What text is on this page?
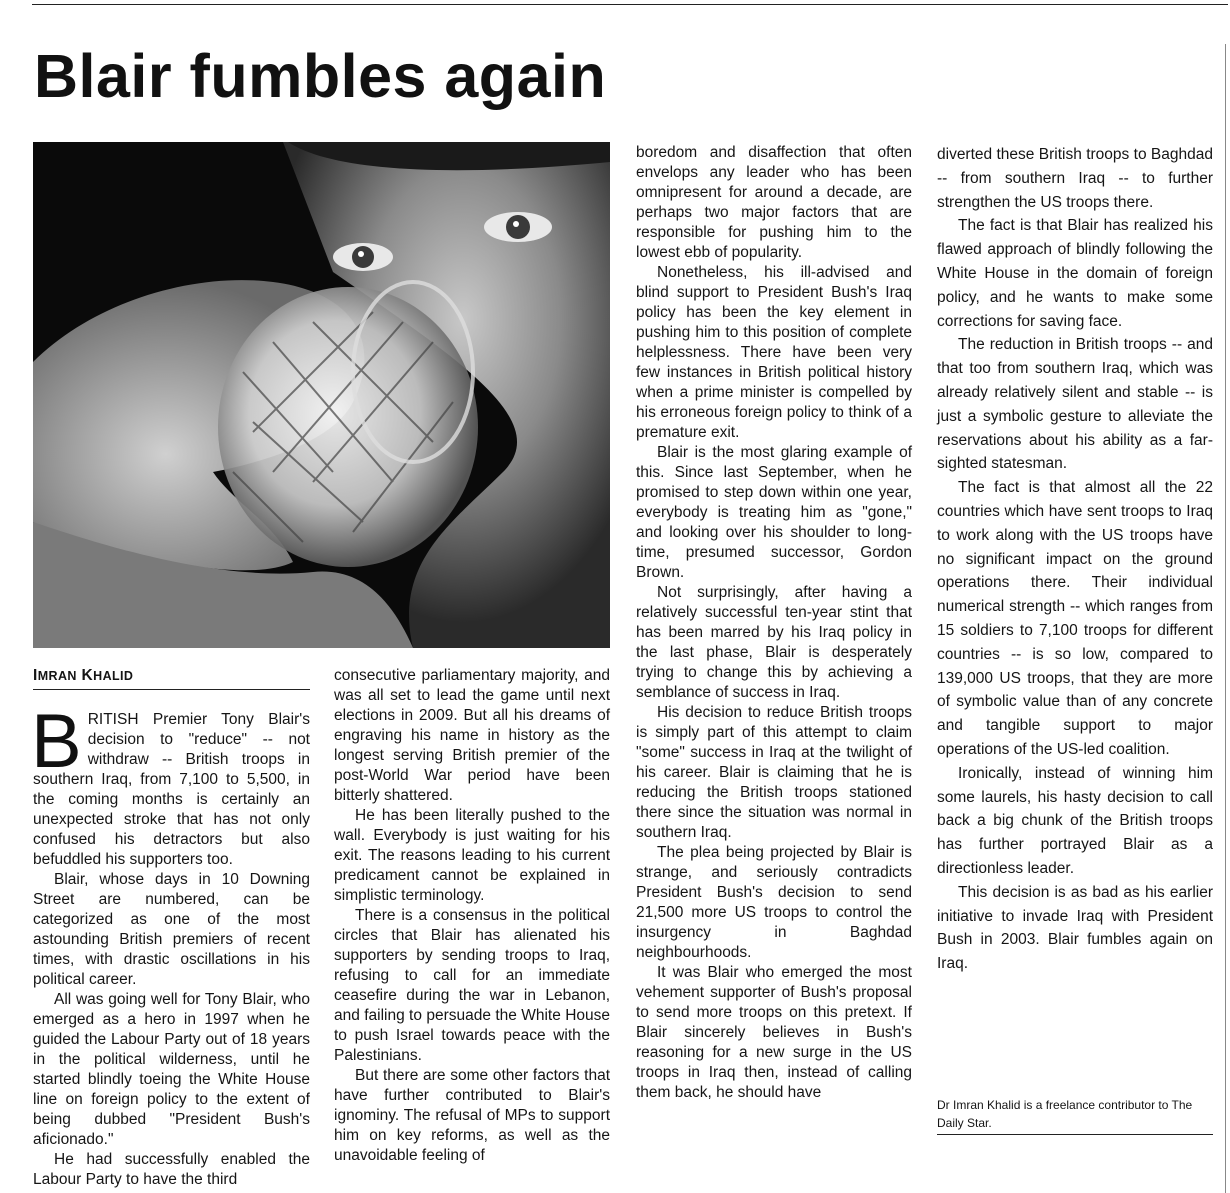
Blair fumbles again
IMRAN KHALID

BRITISH Premier Tony Blair's decision to "reduce" -- not withdraw -- British troops in southern Iraq, from 7,100 to 5,500, in the coming months is certainly an unexpected stroke that has not only confused his detractors but also befuddled his supporters too.

Blair, whose days in 10 Downing Street are numbered, can be categorized as one of the most astounding British premiers of recent times, with drastic oscillations in his political career.

All was going well for Tony Blair, who emerged as a hero in 1997 when he guided the Labour Party out of 18 years in the political wilderness, until he started blindly toeing the White House line on foreign policy to the extent of being dubbed "President Bush's aficionado."

He had successfully enabled the Labour Party to have the third

consecutive parliamentary majority, and was all set to lead the game until next elections in 2009. But all his dreams of engraving his name in history as the longest serving British premier of the post-World War period have been bitterly shattered.

He has been literally pushed to the wall. Everybody is just waiting for his exit. The reasons leading to his current predicament cannot be explained in simplistic terminology.

There is a consensus in the political circles that Blair has alienated his supporters by sending troops to Iraq, refusing to call for an immediate ceasefire during the war in Lebanon, and failing to persuade the White House to push Israel towards peace with the Palestinians.

But there are some other factors that have further contributed to Blair's ignominy. The refusal of MPs to support him on key reforms, as well as the unavoidable feeling of

boredom and disaffection that often envelops any leader who has been omnipresent for around a decade, are perhaps two major factors that are responsible for pushing him to the lowest ebb of popularity.

Nonetheless, his ill-advised and blind support to President Bush's Iraq policy has been the key element in pushing him to this position of complete helplessness. There have been very few instances in British political history when a prime minister is compelled by his erroneous foreign policy to think of a premature exit.

Blair is the most glaring example of this. Since last September, when he promised to step down within one year, everybody is treating him as "gone," and looking over his shoulder to long-time, presumed successor, Gordon Brown.

Not surprisingly, after having a relatively successful ten-year stint that has been marred by his Iraq policy in the last phase, Blair is desperately trying to change this by achieving a semblance of success in Iraq.

His decision to reduce British troops is simply part of this attempt to claim "some" success in Iraq at the twilight of his career. Blair is claiming that he is reducing the British troops stationed there since the situation was normal in southern Iraq.

The plea being projected by Blair is strange, and seriously contradicts President Bush's decision to send 21,500 more US troops to control the insurgency in Baghdad neighbourhoods.

It was Blair who emerged the most vehement supporter of Bush's proposal to send more troops on this pretext. If Blair sincerely believes in Bush's reasoning for a new surge in the US troops in Iraq then, instead of calling them back, he should have

diverted these British troops to Baghdad -- from southern Iraq -- to further strengthen the US troops there.

The fact is that Blair has realized his flawed approach of blindly following the White House in the domain of foreign policy, and he wants to make some corrections for saving face.

The reduction in British troops -- and that too from southern Iraq, which was already relatively silent and stable -- is just a symbolic gesture to alleviate the reservations about his ability as a far-sighted statesman.

The fact is that almost all the 22 countries which have sent troops to Iraq to work along with the US troops have no significant impact on the ground operations there. Their individual numerical strength -- which ranges from 15 soldiers to 7,100 troops for different countries -- is so low, compared to 139,000 US troops, that they are more of symbolic value than of any concrete and tangible support to major operations of the US-led coalition.

Ironically, instead of winning him some laurels, his hasty decision to call back a big chunk of the British troops has further portrayed Blair as a directionless leader.

This decision is as bad as his earlier initiative to invade Iraq with President Bush in 2003. Blair fumbles again on Iraq.

Dr Imran Khalid is a freelance contributor to The Daily Star.
